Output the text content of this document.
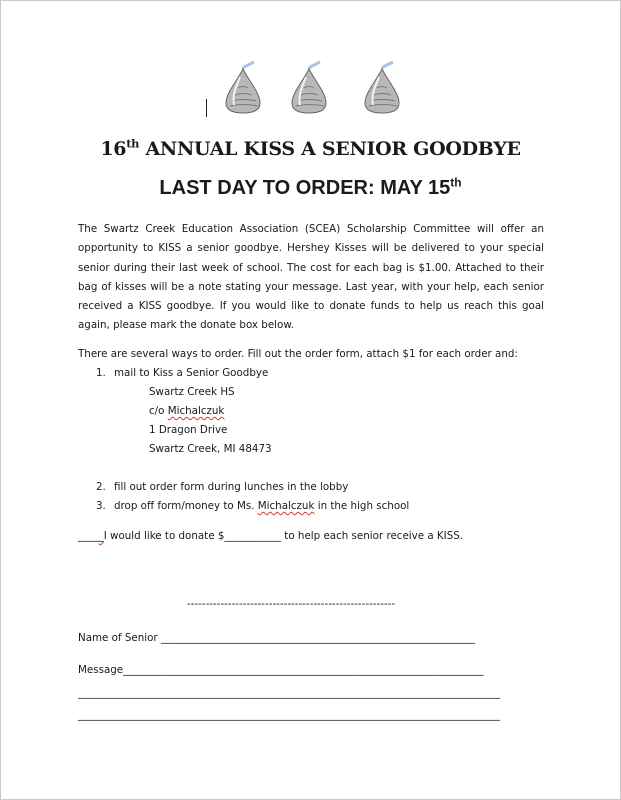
16th ANNUAL KISS A SENIOR GOODBYE
LAST DAY TO ORDER: MAY 15th
The Swartz Creek Education Association (SCEA) Scholarship Committee will offer an opportunity to KISS a senior goodbye. Hershey Kisses will be delivered to your special senior during their last week of school. The cost for each bag is $1.00. Attached to their bag of kisses will be a note stating your message. Last year, with your help, each senior received a KISS goodbye. If you would like to donate funds to help us reach this goal again, please mark the donate box below.
There are several ways to order. Fill out the order form, attach $1 for each order and:
1. mail to Kiss a Senior Goodbye
Swartz Creek HS
c/o Michalczuk
1 Dragon Drive
Swartz Creek, MI 48473
2. fill out order form during lunches in the lobby
3. drop off form/money to Ms. Michalczuk in the high school
_____I would like to donate $___________ to help each senior receive a KISS.
--------------------------------------------------------
Name of Senior _____________________________________________________________
Message______________________________________________________________________
__________________________________________________________________________________
__________________________________________________________________________________
